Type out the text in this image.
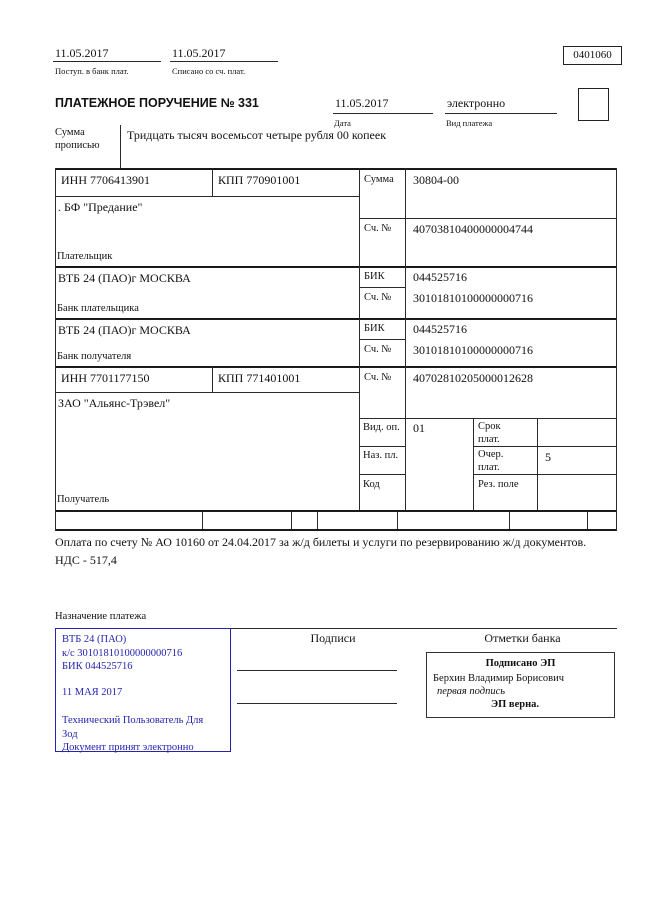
11.05.2017
Поступ. в банк плат.
11.05.2017
Списано со сч. плат.
0401060
ПЛАТЕЖНОЕ ПОРУЧЕНИЕ № 331	11.05.2017
Дата
электронно
Вид платежа
Сумма прописью
Тридцать тысяч восемьсот четыре рубля 00 копеек
ИНН 7706413901	КПП 770901001	Сумма 30804-00
. БФ "Предание"
Сч. № 40703810400000004744
Плательщик
ВТБ 24 (ПАО)г МОСКВА	БИК 044525716
Сч. № 30101810100000000716
Банк плательщика
ВТБ 24 (ПАО)г МОСКВА	БИК 044525716
Сч. № 30101810100000000716
Банк получателя
ИНН 7701177150	КПП 771401001	Сч. № 40702810205000012628
ЗАО "Альянс-Трэвел"
Вид. оп. 01	Срок плат.
Наз. пл.	Очер. плат.
5
Код	Рез. поле
Получатель
Оплата по счету № АО 10160 от 24.04.2017 за ж/д билеты и услуги по резервированию ж/д документов. НДС - 517,4
Назначение платежа
ВТБ 24 (ПАО)
к/с 30101810100000000716
БИК 044525716
11 МАЯ 2017
Технический Пользователь Для
Зод
Документ принят электронно
Подписи	Отметки банка
Подписано ЭП
Берхин Владимир Борисович
первая подпись
ЭП верна.
